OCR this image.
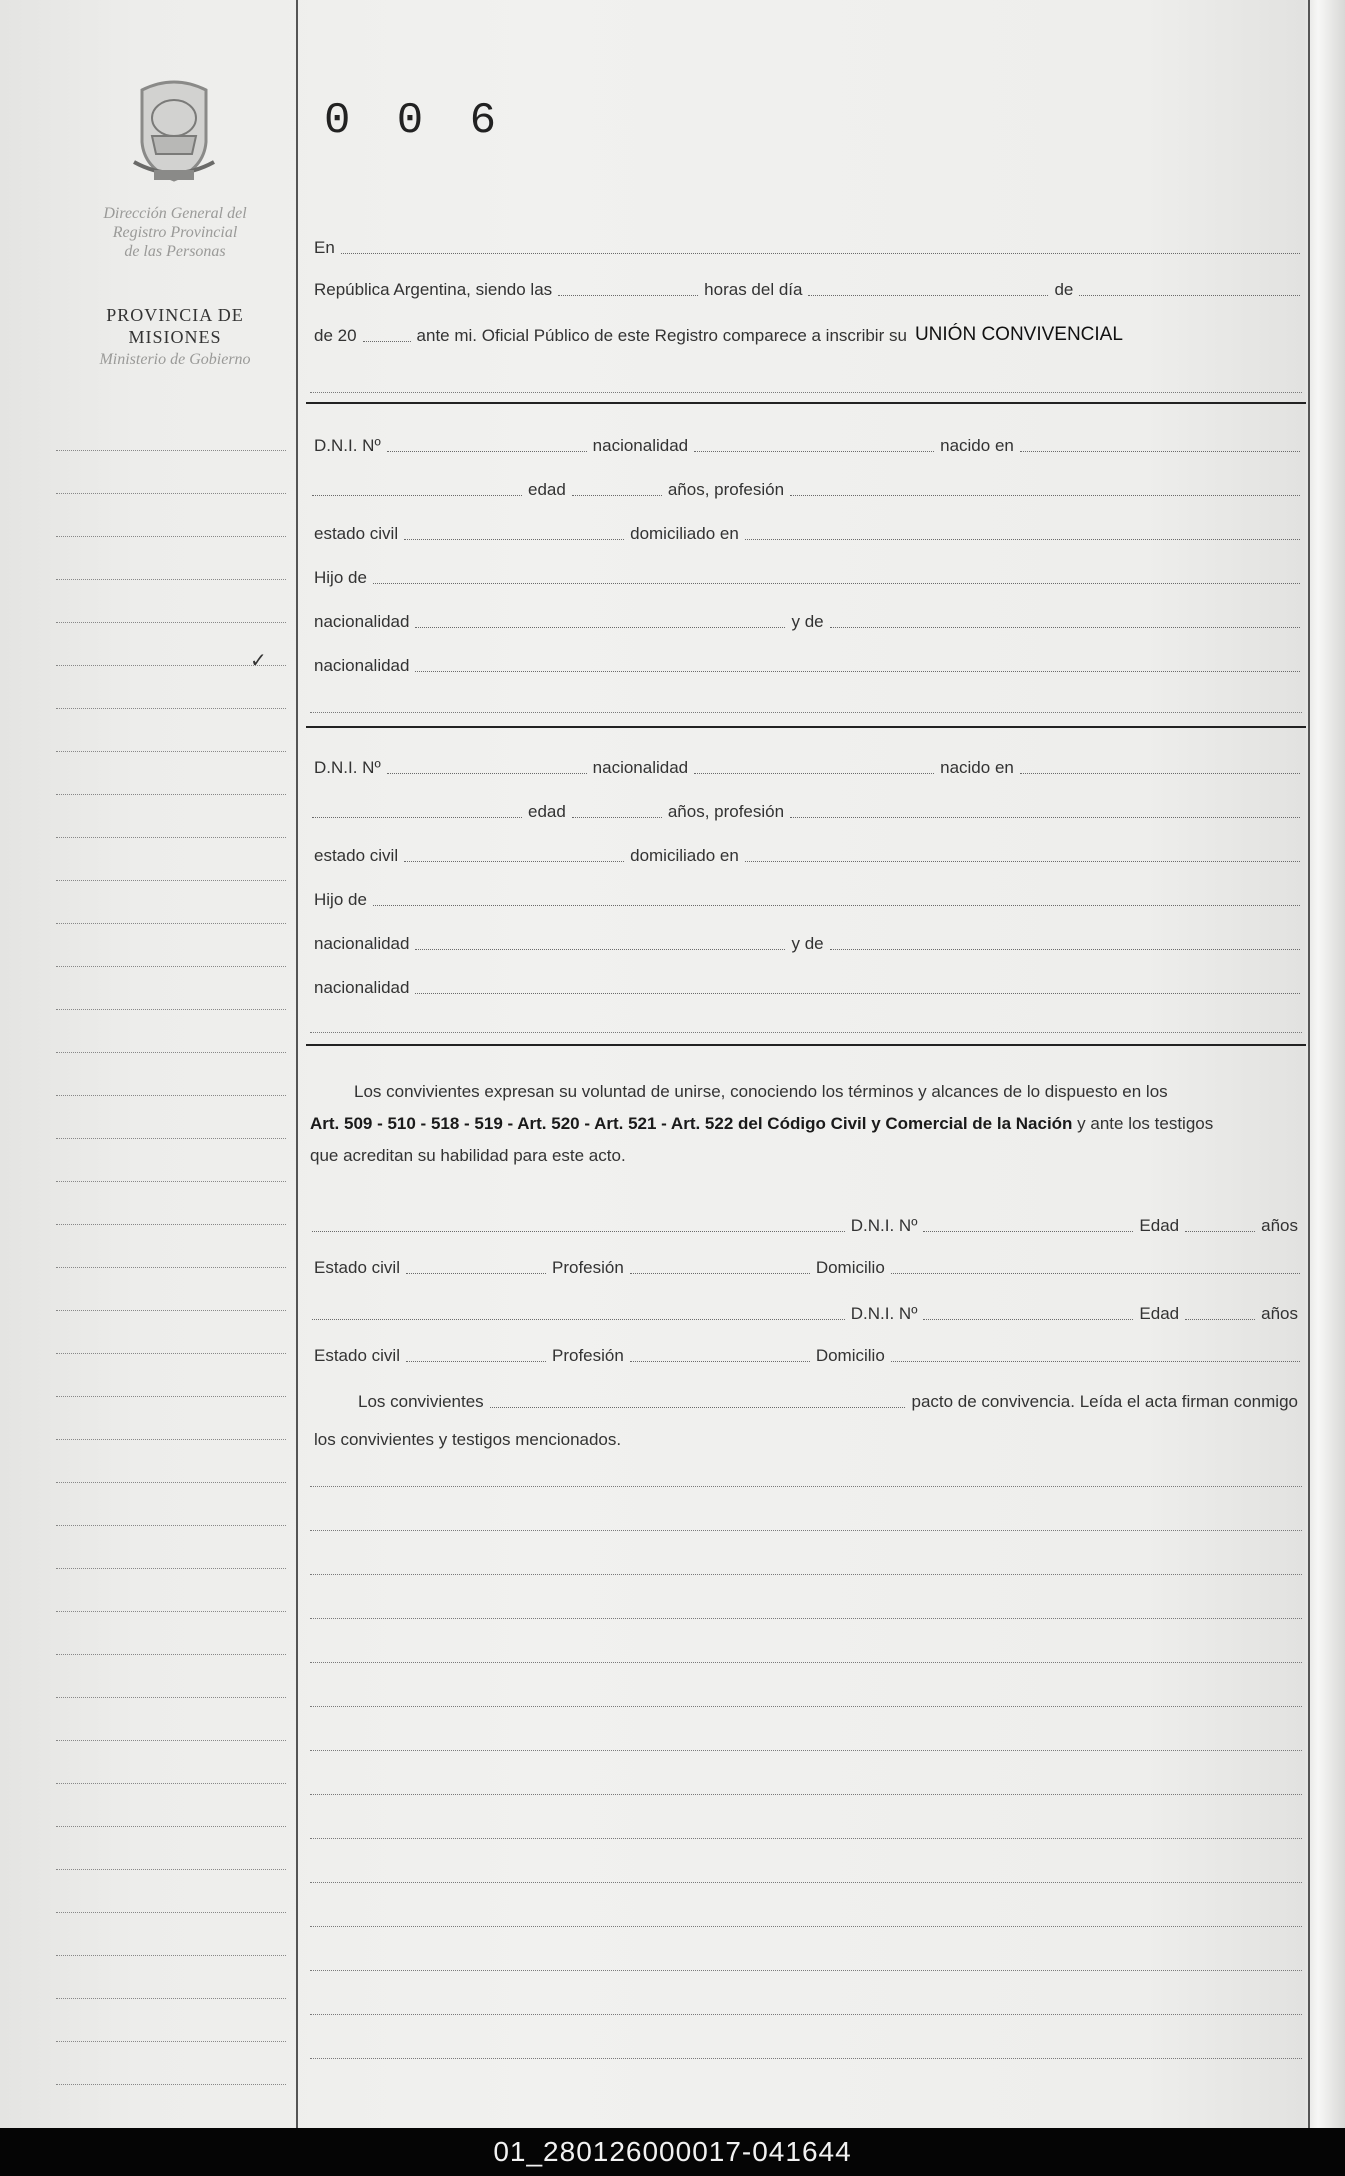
Dirección General del
Registro Provincial
de las Personas
PROVINCIA DE
MISIONES
Ministerio de Gobierno
✓
0 0 6
En
República Argentina, siendo las	horas del día	de
de 20	ante mi. Oficial Público de este Registro comparece a inscribir su UNIÓN CONVIVENCIAL
D.N.I. Nº	nacionalidad	nacido en
edad	años, profesión
estado civil	domiciliado en
Hijo de
nacionalidad	y de
nacionalidad
D.N.I. Nº	nacionalidad	nacido en
edad	años, profesión
estado civil	domiciliado en
Hijo de
nacionalidad	y de
nacionalidad
Los convivientes expresan su voluntad de unirse, conociendo los términos y alcances de lo dispuesto en los
Art. 509 - 510 - 518 - 519 - Art. 520 - Art. 521 - Art. 522 del Código Civil y Comercial de la Nación y ante los testigos
que acreditan su habilidad para este acto.
D.N.I. Nº	Edad	años
Estado civil	Profesión	Domicilio
D.N.I. Nº	Edad	años
Estado civil	Profesión	Domicilio
Los convivientes	pacto de convivencia. Leída el acta firman conmigo
los convivientes y testigos mencionados.
01_280126000017-041644
